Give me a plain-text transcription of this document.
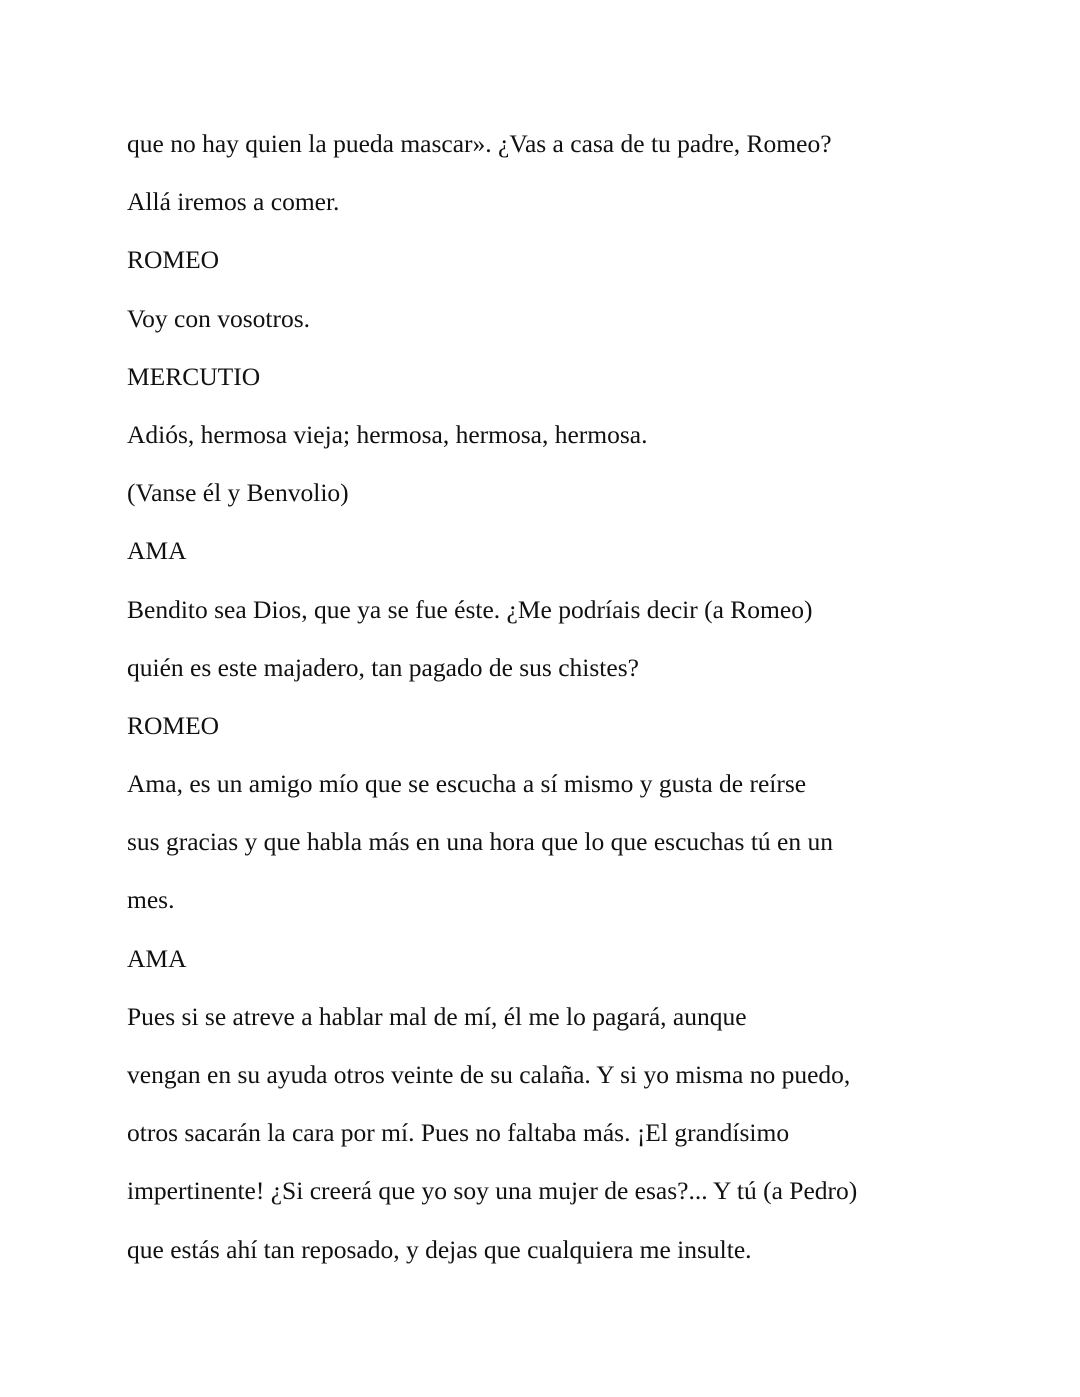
que no hay quien la pueda mascar». ¿Vas a casa de tu padre, Romeo?
Allá iremos a comer.
ROMEO
Voy con vosotros.
MERCUTIO
Adiós, hermosa vieja; hermosa, hermosa, hermosa.
(Vanse él y Benvolio)
AMA
Bendito sea Dios, que ya se fue éste. ¿Me podríais decir (a Romeo)
quién es este majadero, tan pagado de sus chistes?
ROMEO
Ama, es un amigo mío que se escucha a sí mismo y gusta de reírse
sus gracias y que habla más en una hora que lo que escuchas tú en un
mes.
AMA
Pues si se atreve a hablar mal de mí, él me lo pagará, aunque
vengan en su ayuda otros veinte de su calaña. Y si yo misma no puedo,
otros sacarán la cara por mí. Pues no faltaba más. ¡El grandísimo
impertinente! ¿Si creerá que yo soy una mujer de esas?... Y tú (a Pedro)
que estás ahí tan reposado, y dejas que cualquiera me insulte.
